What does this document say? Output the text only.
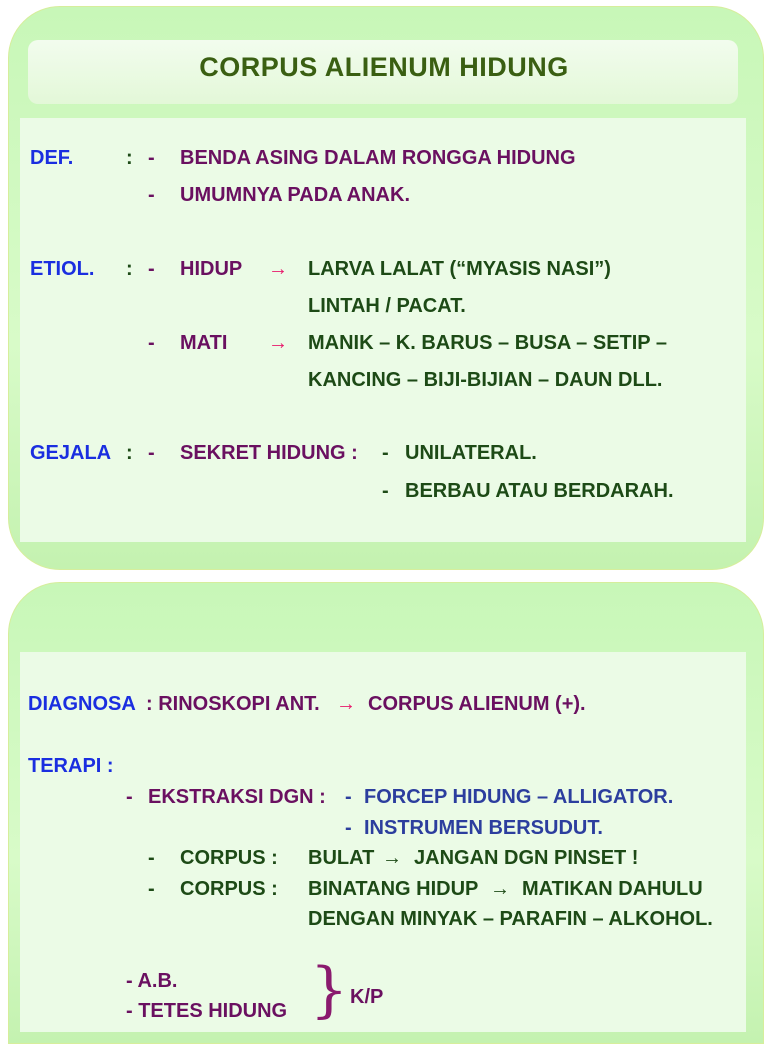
CORPUS ALIENUM HIDUNG
DEF.	: - BENDA ASING DALAM RONGGA HIDUNG
- UMUMNYA PADA ANAK.
ETIOL. : - HIDUP → LARVA LALAT (“MYASIS NASI”)
LINTAH / PACAT.
- MATI → MANIK – K. BARUS – BUSA – SETIP –
KANCING – BIJI-BIJIAN – DAUN DLL.
GEJALA : - SEKRET HIDUNG : - UNILATERAL.
- BERBAU ATAU BERDARAH.
DIAGNOSA : RINOSKOPI ANT. → CORPUS ALIENUM (+).
TERAPI :
- EKSTRAKSI DGN : - FORCEP HIDUNG – ALLIGATOR.
- INSTRUMEN BERSUDUT.
- CORPUS : BULAT → JANGAN DGN PINSET !
- CORPUS : BINATANG HIDUP → MATIKAN DAHULU
DENGAN MINYAK – PARAFIN – ALKOHOL.
- A.B.
- TETES HIDUNG } K/P
